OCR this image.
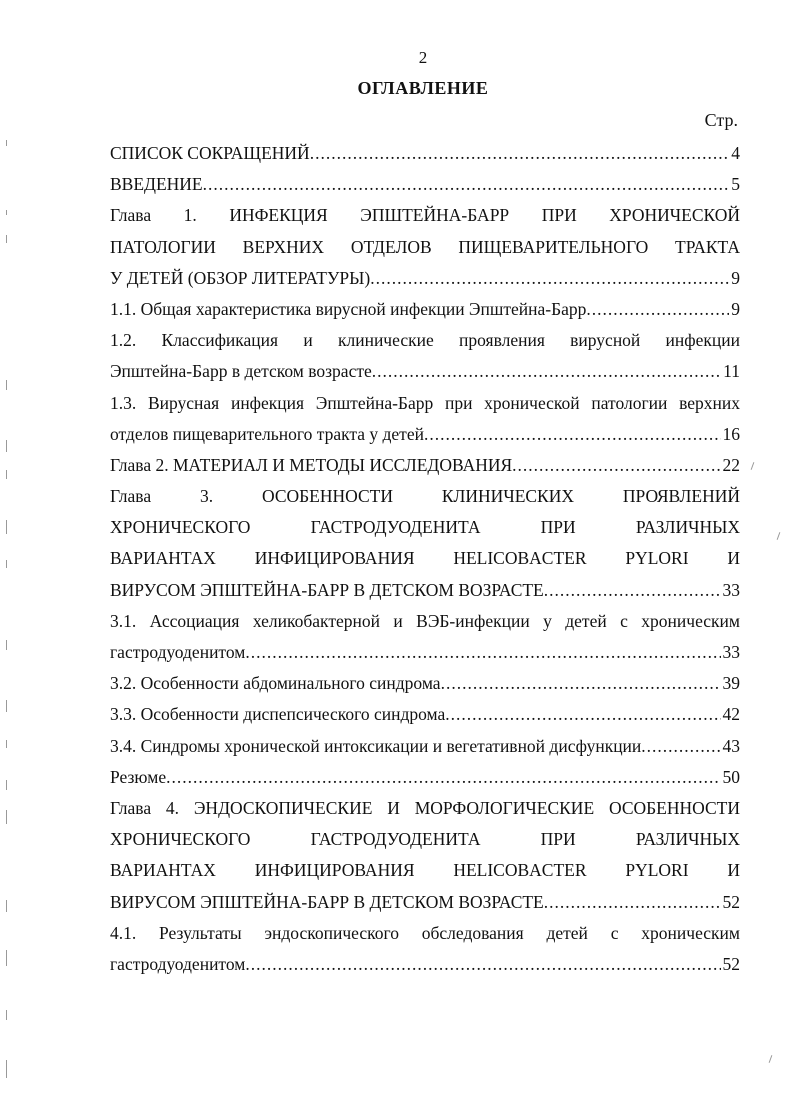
2
ОГЛАВЛЕНИЕ
Стр.
СПИСОК СОКРАЩЕНИЙ .....	4
ВВЕДЕНИЕ .....	5
Глава 1. ИНФЕКЦИЯ ЭПШТЕЙНА-БАРР ПРИ ХРОНИЧЕСКОЙ
ПАТОЛОГИИ ВЕРХНИХ ОТДЕЛОВ ПИЩЕВАРИТЕЛЬНОГО ТРАКТА
У ДЕТЕЙ (ОБЗОР ЛИТЕРАТУРЫ) .....	9
1.1. Общая характеристика вирусной инфекции Эпштейна-Барр .....	9
1.2. Классификация и клинические проявления вирусной инфекции
Эпштейна-Барр в детском возрасте .....	11
1.3. Вирусная инфекция Эпштейна-Барр при хронической патологии верхних
отделов пищеварительного тракта у детей .....	16
Глава 2. МАТЕРИАЛ И МЕТОДЫ ИССЛЕДОВАНИЯ .....	22
Глава 3. ОСОБЕННОСТИ КЛИНИЧЕСКИХ ПРОЯВЛЕНИЙ
ХРОНИЧЕСКОГО ГАСТРОДУОДЕНИТА ПРИ РАЗЛИЧНЫХ
ВАРИАНТАХ ИНФИЦИРОВАНИЯ HELICOBACTER PYLORI И
ВИРУСОМ ЭПШТЕЙНА-БАРР В ДЕТСКОМ ВОЗРАСТЕ .....	33
3.1. Ассоциация хеликобактерной и ВЭБ-инфекции у детей с хроническим
гастродуоденитом .....	33
3.2. Особенности абдоминального синдрома .....	39
3.3. Особенности диспепсического синдрома .....	42
3.4. Синдромы хронической интоксикации и вегетативной дисфункции .....	43
Резюме .....	50
Глава 4. ЭНДОСКОПИЧЕСКИЕ И МОРФОЛОГИЧЕСКИЕ ОСОБЕННОСТИ
ХРОНИЧЕСКОГО ГАСТРОДУОДЕНИТА ПРИ РАЗЛИЧНЫХ
ВАРИАНТАХ ИНФИЦИРОВАНИЯ HELICOBACTER PYLORI И
ВИРУСОМ ЭПШТЕЙНА-БАРР В ДЕТСКОМ ВОЗРАСТЕ .....	52
4.1. Результаты эндоскопического обследования детей с хроническим
гастродуоденитом .....	52
